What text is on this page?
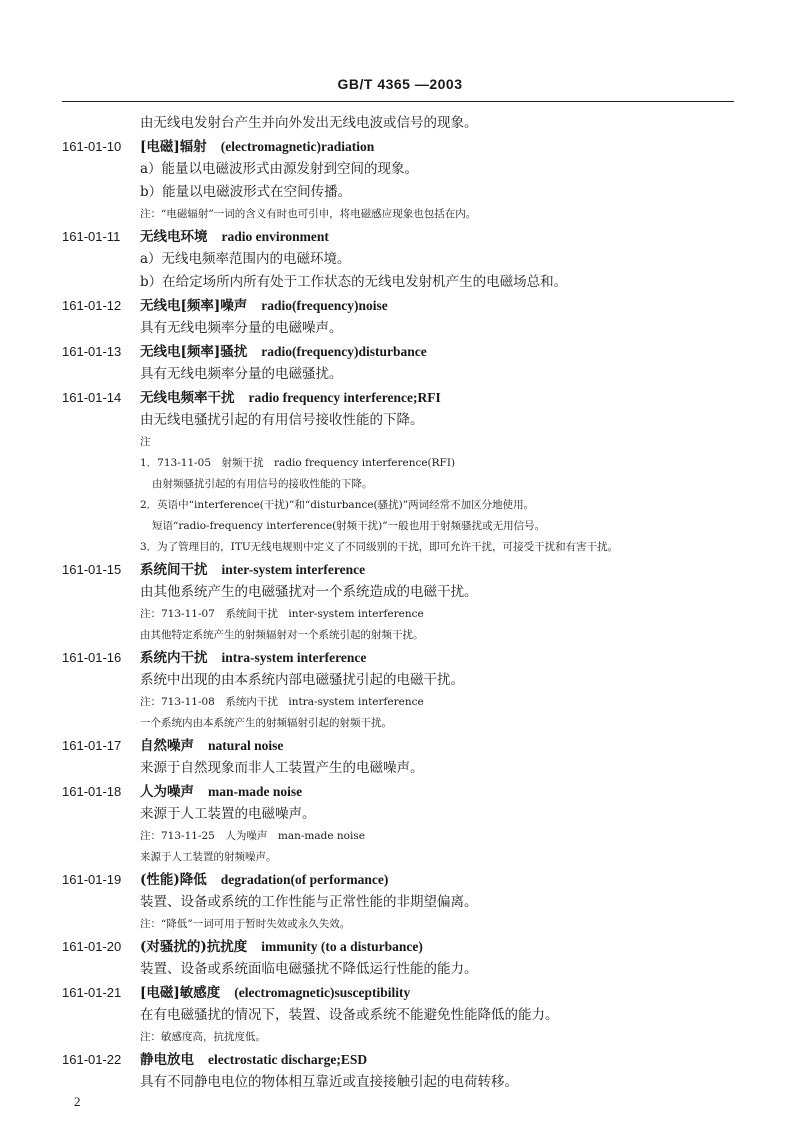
GB/T 4365 —2003
由无线电发射台产生并向外发出无线电波或信号的现象。
161-01-10 [电磁]辐射 (electromagnetic)radiation
a）能量以电磁波形式由源发射到空间的现象。
b）能量以电磁波形式在空间传播。
注：“电磁辐射”一词的含义有时也可引申，将电磁感应现象也包括在内。
161-01-11 无线电环境 radio environment
a）无线电频率范围内的电磁环境。
b）在给定场所内所有处于工作状态的无线电发射机产生的电磁场总和。
161-01-12 无线电[频率]噪声 radio(frequency)noise
具有无线电频率分量的电磁噪声。
161-01-13 无线电[频率]骚扰 radio(frequency)disturbance
具有无线电频率分量的电磁骚扰。
161-01-14 无线电频率干扰 radio frequency interference;RFI
由无线电骚扰引起的有用信号接收性能的下降。
注
1．713-11-05　射频干扰　radio frequency interference(RFI)
由射频骚扰引起的有用信号的接收性能的下降。
2．英语中“interference(干扰)”和“disturbance(骚扰)”两词经常不加区分地使用。
短语“radio-frequency interference(射频干扰)”一般也用于射频骚扰或无用信号。
3．为了管理目的，ITU无线电规则中定义了不同级别的干扰，即可允许干扰，可接受干扰和有害干扰。
161-01-15 系统间干扰 inter-system interference
由其他系统产生的电磁骚扰对一个系统造成的电磁干扰。
注：713-11-07　系统间干扰　inter-system interference
由其他特定系统产生的射频辐射对一个系统引起的射频干扰。
161-01-16 系统内干扰 intra-system interference
系统中出现的由本系统内部电磁骚扰引起的电磁干扰。
注：713-11-08　系统内干扰　intra-system interference
一个系统内由本系统产生的射频辐射引起的射频干扰。
161-01-17 自然噪声 natural noise
来源于自然现象而非人工装置产生的电磁噪声。
161-01-18 人为噪声 man-made noise
来源于人工装置的电磁噪声。
注：713-11-25　人为噪声　man-made noise
来源于人工装置的射频噪声。
161-01-19 (性能)降低 degradation(of performance)
装置、设备或系统的工作性能与正常性能的非期望偏离。
注：“降低”一词可用于暂时失效或永久失效。
161-01-20 (对骚扰的)抗扰度 immunity (to a disturbance)
装置、设备或系统面临电磁骚扰不降低运行性能的能力。
161-01-21 [电磁]敏感度 (electromagnetic)susceptibility
在有电磁骚扰的情况下，装置、设备或系统不能避免性能降低的能力。
注：敏感度高，抗扰度低。
161-01-22 静电放电 electrostatic discharge;ESD
具有不同静电电位的物体相互靠近或直接接触引起的电荷转移。
2
